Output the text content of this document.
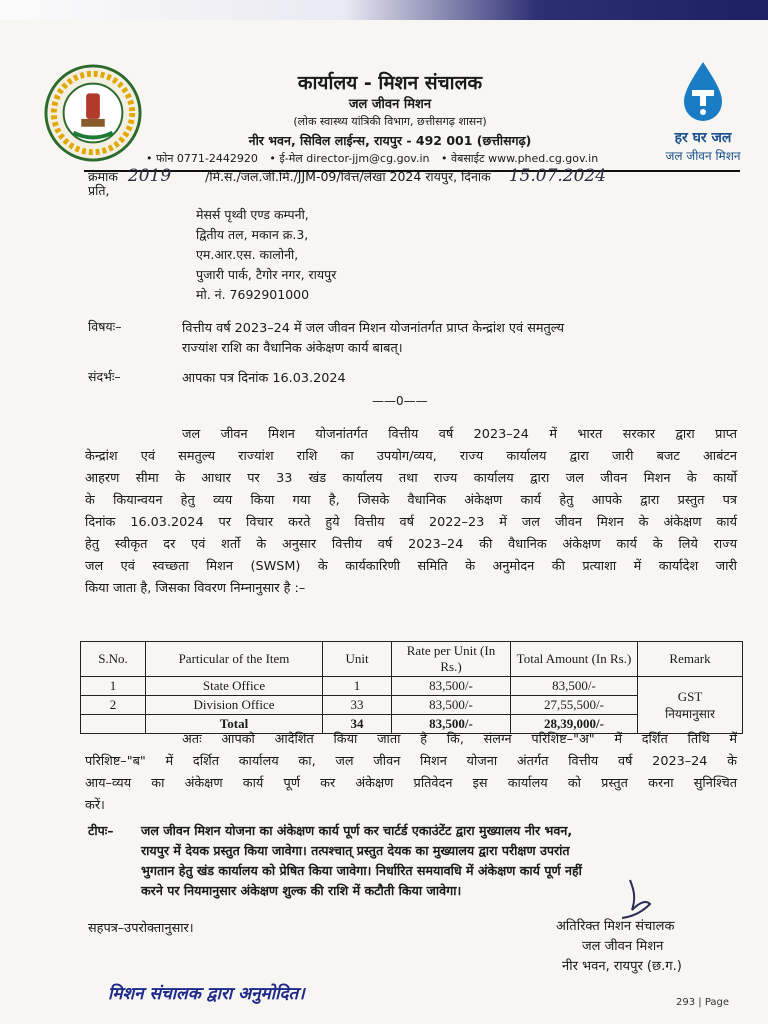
हर घर जल
जल जीवन मिशन
कार्यालय - मिशन संचालक
जल जीवन मिशन
(लोक स्वास्थ्य यांत्रिकी विभाग, छत्तीसगढ़ शासन)
नीर भवन, सिविल लाईन्स, रायपुर - 492 001 (छत्तीसगढ़)
• फोन 0771-2442920 • ई-मेल director-jjm@cg.gov.in • वेबसाईट www.phed.cg.gov.in
क्रमांक 2019	/मि.सं./जल.जी.मि./JJM-09/वित्त/लेखा 2024 रायपुर, दिनांक 15.07.2024
प्रति,
मेसर्स पृथ्वी एण्ड कम्पनी,
द्वितीय तल, मकान क्र.3,
एम.आर.एस. कालोनी,
पुजारी पार्क, टैगोर नगर, रायपुर
मो. नं. 7692901000
विषयः–	वित्तीय वर्ष 2023–24 में जल जीवन मिशन योजनांतर्गत प्राप्त केन्द्रांश एवं समतुल्य
राज्यांश राशि का वैधानिक अंकेक्षण कार्य बाबत्।
संदर्भः–	आपका पत्र दिनांक 16.03.2024
——0——
जल जीवन मिशन योजनांतर्गत वित्तीय वर्ष 2023–24 में भारत सरकार द्वारा प्राप्त
केन्द्रांश एवं समतुल्य राज्यांश राशि का उपयोग/व्यय, राज्य कार्यालय द्वारा जारी बजट आबंटन
आहरण सीमा के आधार पर 33 खंड कार्यालय तथा राज्य कार्यालय द्वारा जल जीवन मिशन के कार्यो
के कियान्वयन हेतु व्यय किया गया है, जिसके वैधानिक अंकेक्षण कार्य हेतु आपके द्वारा प्रस्तुत पत्र
दिनांक 16.03.2024 पर विचार करते हुये वित्तीय वर्ष 2022–23 में जल जीवन मिशन के अंकेक्षण कार्य
हेतु स्वीकृत दर एवं शर्तो के अनुसार वित्तीय वर्ष 2023–24 की वैधानिक अंकेक्षण कार्य के लिये राज्य
जल एवं स्वच्छता मिशन (SWSM) के कार्यकारिणी समिति के अनुमोदन की प्रत्याशा में कार्यादेश जारी
किया जाता है, जिसका विवरण निम्नानुसार है :–
S.No.	Particular of the Item	Unit	Rate per Unit (In Rs.)	Total Amount (In Rs.)	Remark
1	State Office	1	83,500/-	83,500/-	GST
नियमानुसार

2	Division Office	33	83,500/-	27,55,500/-	
	Total	34	83,500/-	28,39,000/-	
अतः आपको आदेशित किया जाता है कि, संलग्न परिशिष्ट–"अ" में दर्शित तिथि में
परिशिष्ट–"ब" में दर्शित कार्यालय का, जल जीवन मिशन योजना अंतर्गत वित्तीय वर्ष 2023–24 के
आय–व्यय का अंकेक्षण कार्य पूर्ण कर अंकेक्षण प्रतिवेदन इस कार्यालय को प्रस्तुत करना सुनिश्चित
करें।
टीपः– जल जीवन मिशन योजना का अंकेक्षण कार्य पूर्ण कर चार्टर्ड एकाउंटेंट द्वारा मुख्यालय नीर भवन,
रायपुर में देयक प्रस्तुत किया जावेगा। तत्पश्चात् प्रस्तुत देयक का मुख्यालय द्वारा परीक्षण उपरांत
भुगतान हेतु खंड कार्यालय को प्रेषित किया जावेगा। निर्धारित समयावधि में अंकेक्षण कार्य पूर्ण नहीं
करने पर नियमानुसार अंकेक्षण शुल्क की राशि में कटौती किया जावेगा।
सहपत्र–उपरोक्तानुसार।	अतिरिक्त मिशन संचालक
जल जीवन मिशन
नीर भवन, रायपुर (छ.ग.)
मिशन संचालक द्वारा अनुमोदित।	293 | Page
